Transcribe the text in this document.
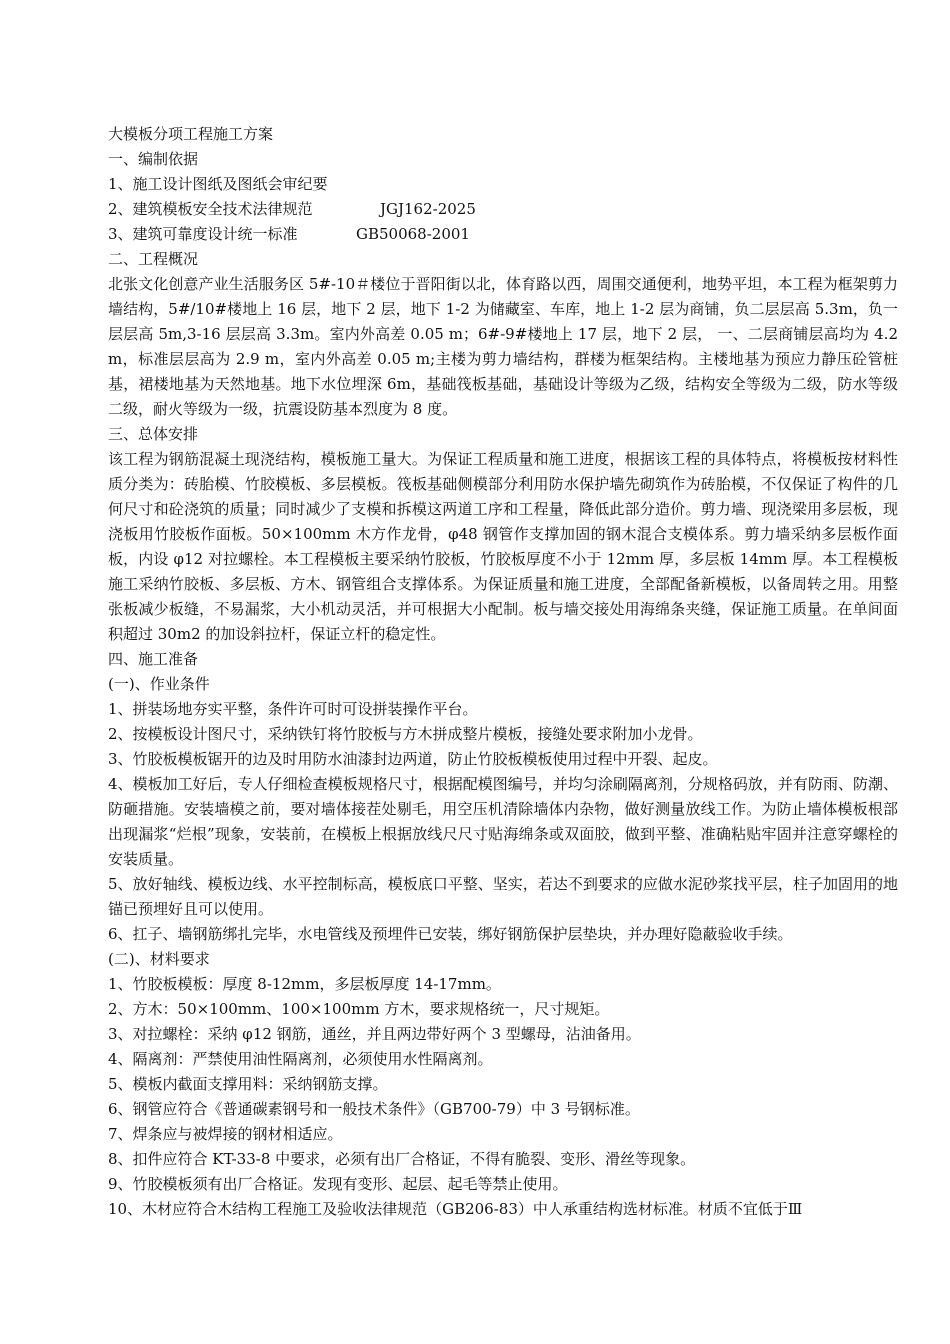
大模板分项工程施工方案
一、编制依据
1、施工设计图纸及图纸会审纪要
2、建筑模板安全技术法律规范	JGJ162-2025
3、建筑可靠度设计统一标准	GB50068-2001
二、工程概况
北张文化创意产业生活服务区 5#-10＃楼位于晋阳街以北，体育路以西，周围交通便利，地势平坦，本工程为框架剪力墙结构，5#/10#楼地上 16 层，地下 2 层，地下 1-2 为储藏室、车库，地上 1-2 层为商铺，负二层层高 5.3m，负一层层高 5m,3-16 层层高 3.3m。室内外高差 0.05 m；6#-9#楼地上 17 层，地下 2 层， 一、二层商铺层高均为 4.2 m，标准层层高为 2.9 m，室内外高差 0.05 m;主楼为剪力墙结构，群楼为框架结构。主楼地基为预应力静压砼管桩基，裙楼地基为天然地基。地下水位埋深 6m，基础筏板基础，基础设计等级为乙级，结构安全等级为二级，防水等级二级，耐火等级为一级，抗震设防基本烈度为 8 度。
三、总体安排
该工程为钢筋混凝土现浇结构，模板施工量大。为保证工程质量和施工进度，根据该工程的具体特点，将模板按材料性质分类为：砖胎模、竹胶模板、多层模板。筏板基础侧模部分利用防水保护墙先砌筑作为砖胎模，不仅保证了构件的几何尺寸和砼浇筑的质量；同时减少了支模和拆模这两道工序和工程量，降低此部分造价。剪力墙、现浇梁用多层板，现浇板用竹胶板作面板。50×100mm 木方作龙骨，φ48 钢管作支撑加固的钢木混合支模体系。剪力墙采纳多层板作面板，内设 φ12 对拉螺栓。本工程模板主要采纳竹胶板，竹胶板厚度不小于 12mm 厚，多层板 14mm 厚。本工程模板施工采纳竹胶板、多层板、方木、钢管组合支撑体系。为保证质量和施工进度，全部配备新模板，以备周转之用。用整张板减少板缝，不易漏浆，大小机动灵活，并可根据大小配制。板与墙交接处用海绵条夹缝，保证施工质量。在单间面积超过 30m2 的加设斜拉杆，保证立杆的稳定性。
四、施工准备
(一)、作业条件
1、拼装场地夯实平整，条件许可时可设拼装操作平台。
2、按模板设计图尺寸，采纳铁钉将竹胶板与方木拼成整片模板，接缝处要求附加小龙骨。
3、竹胶板模板锯开的边及时用防水油漆封边两道，防止竹胶板模板使用过程中开裂、起皮。
4、模板加工好后，专人仔细检查模板规格尺寸，根据配模图编号，并均匀涂刷隔离剂，分规格码放，并有防雨、防潮、防砸措施。安装墙模之前，要对墙体接茬处剔毛，用空压机清除墙体内杂物，做好测量放线工作。为防止墙体模板根部出现漏浆“烂根”现象，安装前，在模板上根据放线尺尺寸贴海绵条或双面胶，做到平整、准确粘贴牢固并注意穿螺栓的安装质量。
5、放好轴线、模板边线、水平控制标高，模板底口平整、坚实，若达不到要求的应做水泥砂浆找平层，柱子加固用的地锚已预埋好且可以使用。
6、扛子、墙钢筋绑扎完毕，水电管线及预埋件已安装，绑好钢筋保护层垫块，并办理好隐蔽验收手续。
(二)、材料要求
1、竹胶板模板：厚度 8-12mm，多层板厚度 14-17mm。
2、方木：50×100mm、100×100mm 方木，要求规格统一，尺寸规矩。
3、对拉螺栓：采纳 φ12 钢筋，通丝，并且两边带好两个 3 型螺母，沾油备用。
4、隔离剂：严禁使用油性隔离剂，必须使用水性隔离剂。
5、模板内截面支撑用料：采纳钢筋支撑。
6、钢管应符合《普通碳素钢号和一般技术条件》（GB700-79）中 3 号钢标准。
7、焊条应与被焊接的钢材相适应。
8、扣件应符合 KT-33-8 中要求，必须有出厂合格证，不得有脆裂、变形、滑丝等现象。
9、竹胶模板须有出厂合格证。发现有变形、起层、起毛等禁止使用。
10、木材应符合木结构工程施工及验收法律规范（GB206-83）中人承重结构选材标准。材质不宜低于Ⅲ
